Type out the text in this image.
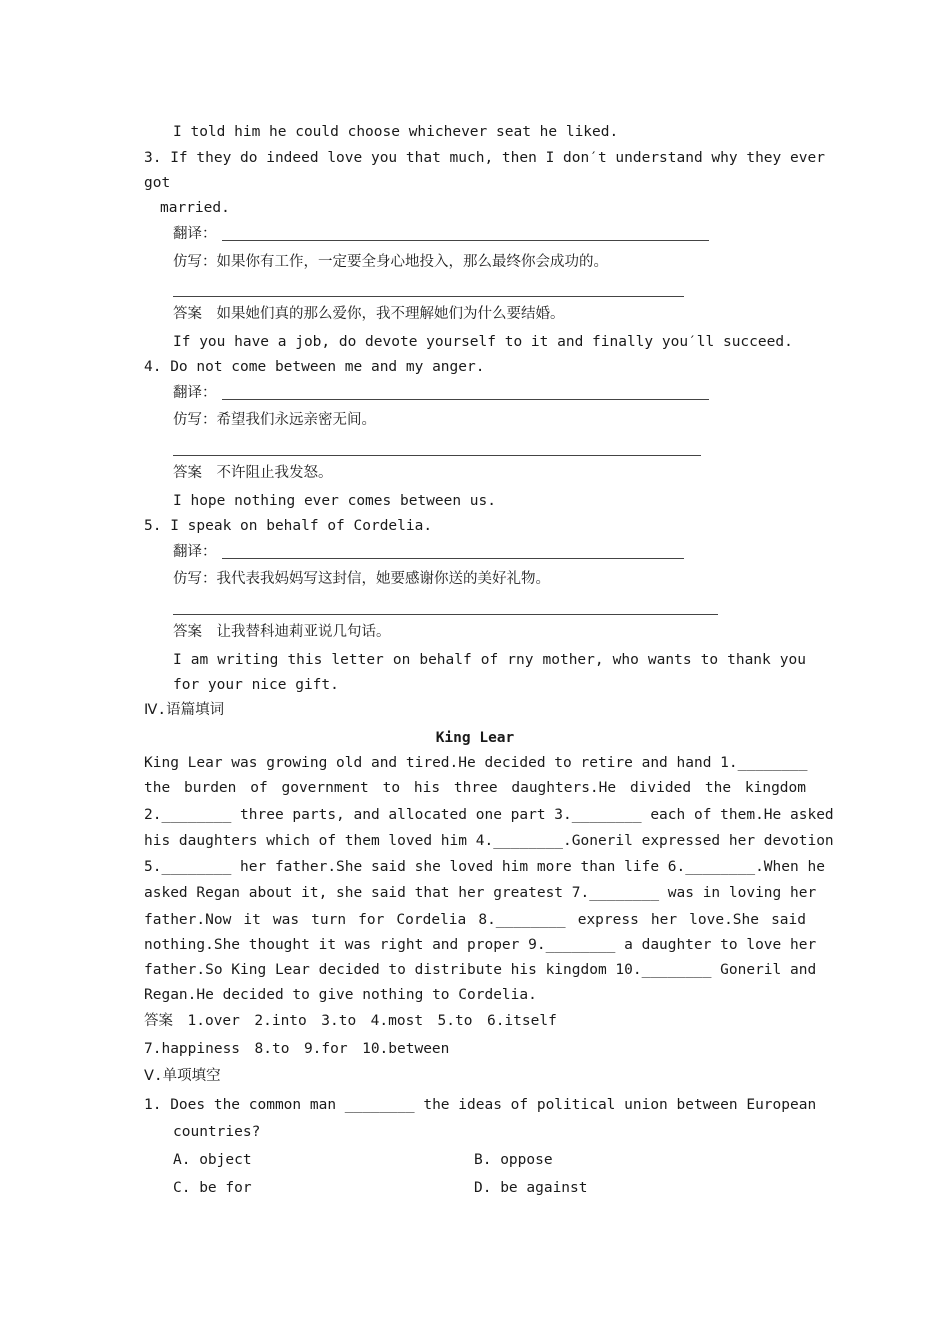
I told him he could choose whichever seat he liked.
3. If they do indeed love you that much, then I don′t understand why they ever
got
married.
翻译：
仿写：如果你有工作，一定要全身心地投入，那么最终你会成功的。
答案　如果她们真的那么爱你，我不理解她们为什么要结婚。
If you have a job, do devote yourself to it and finally you′ll succeed.
4. Do not come between me and my anger.
翻译：
仿写：希望我们永远亲密无间。
答案　不许阻止我发怒。
I hope nothing ever comes between us.
5. I speak on behalf of Cordelia.
翻译：
仿写：我代表我妈妈写这封信，她要感谢你送的美好礼物。
答案　让我替科迪莉亚说几句话。
I am writing this letter on behalf of rny mother, who wants to thank you
for your nice gift.
Ⅳ.语篇填词
King Lear
King Lear was growing old and tired.He decided to retire and hand 1.________
the burden of government to his three daughters.He divided the kingdom
2.________ three parts, and allocated one part 3.________ each of them.He asked
his daughters which of them loved him 4.________.Goneril expressed her devotion
5.________ her father.She said she loved him more than life 6.________.When he
asked Regan about it, she said that her greatest 7.________ was in loving her
father.Now it was turn for Cordelia 8.________ express her love.She said
nothing.She thought it was right and proper 9.________ a daughter to love her
father.So King Lear decided to distribute his kingdom 10.________ Goneril and
Regan.He decided to give nothing to Cordelia.
答案　1.over　2.into　3.to　4.most　5.to　6.itself
7.happiness　8.to　9.for　10.between
Ⅴ.单项填空
1. Does the common man ________ the ideas of political union between European
countries?
A. object	B. oppose
C. be for	D. be against
